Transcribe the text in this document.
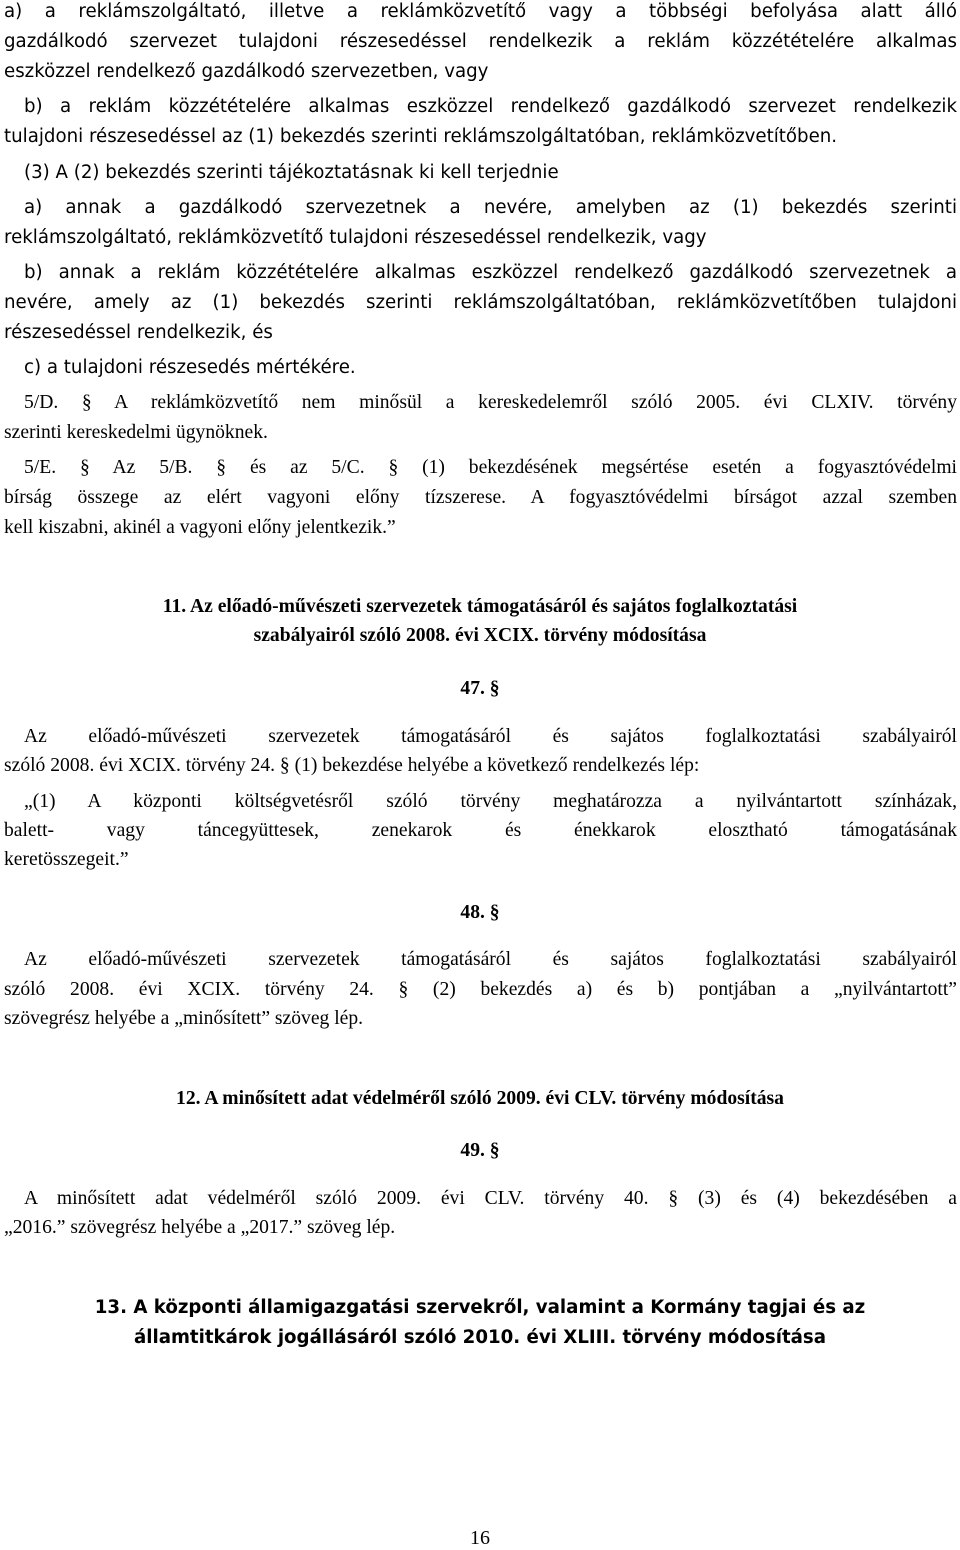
a) a reklámszolgáltató, illetve a reklámközvetítő vagy a többségi befolyása alatt álló
gazdálkodó szervezet tulajdoni részesedéssel rendelkezik a reklám közzétételére alkalmas
eszközzel rendelkező gazdálkodó szervezetben, vagy
b) a reklám közzétételére alkalmas eszközzel rendelkező gazdálkodó szervezet rendelkezik
tulajdoni részesedéssel az (1) bekezdés szerinti reklámszolgáltatóban, reklámközvetítőben.
(3) A (2) bekezdés szerinti tájékoztatásnak ki kell terjednie
a) annak a gazdálkodó szervezetnek a nevére, amelyben az (1) bekezdés szerinti
reklámszolgáltató, reklámközvetítő tulajdoni részesedéssel rendelkezik, vagy
b) annak a reklám közzétételére alkalmas eszközzel rendelkező gazdálkodó szervezetnek a
nevére, amely az (1) bekezdés szerinti reklámszolgáltatóban, reklámközvetítőben tulajdoni
részesedéssel rendelkezik, és
c) a tulajdoni részesedés mértékére.
5/D. § A reklámközvetítő nem minősül a kereskedelemről szóló 2005. évi CLXIV. törvény
szerinti kereskedelmi ügynöknek.
5/E. § Az 5/B. § és az 5/C. § (1) bekezdésének megsértése esetén a fogyasztóvédelmi
bírság összege az elért vagyoni előny tízszerese. A fogyasztóvédelmi bírságot azzal szemben
kell kiszabni, akinél a vagyoni előny jelentkezik.”
11. Az előadó-művészeti szervezetek támogatásáról és sajátos foglalkoztatási
szabályairól szóló 2008. évi XCIX. törvény módosítása
47. §
Az előadó-művészeti szervezetek támogatásáról és sajátos foglalkoztatási szabályairól
szóló 2008. évi XCIX. törvény 24. § (1) bekezdése helyébe a következő rendelkezés lép:
„(1) A központi költségvetésről szóló törvény meghatározza a nyilvántartott színházak,
balett- vagy táncegyüttesek, zenekarok és énekkarok elosztható támogatásának
keretösszegeit.”
48. §
Az előadó-művészeti szervezetek támogatásáról és sajátos foglalkoztatási szabályairól
szóló 2008. évi XCIX. törvény 24. § (2) bekezdés a) és b) pontjában a „nyilvántartott”
szövegrész helyébe a „minősített” szöveg lép.
12. A minősített adat védelméről szóló 2009. évi CLV. törvény módosítása
49. §
A minősített adat védelméről szóló 2009. évi CLV. törvény 40. § (3) és (4) bekezdésében a
„2016.” szövegrész helyébe a „2017.” szöveg lép.
13. A központi államigazgatási szervekről, valamint a Kormány tagjai és az
államtitkárok jogállásáról szóló 2010. évi XLIII. törvény módosítása
16
